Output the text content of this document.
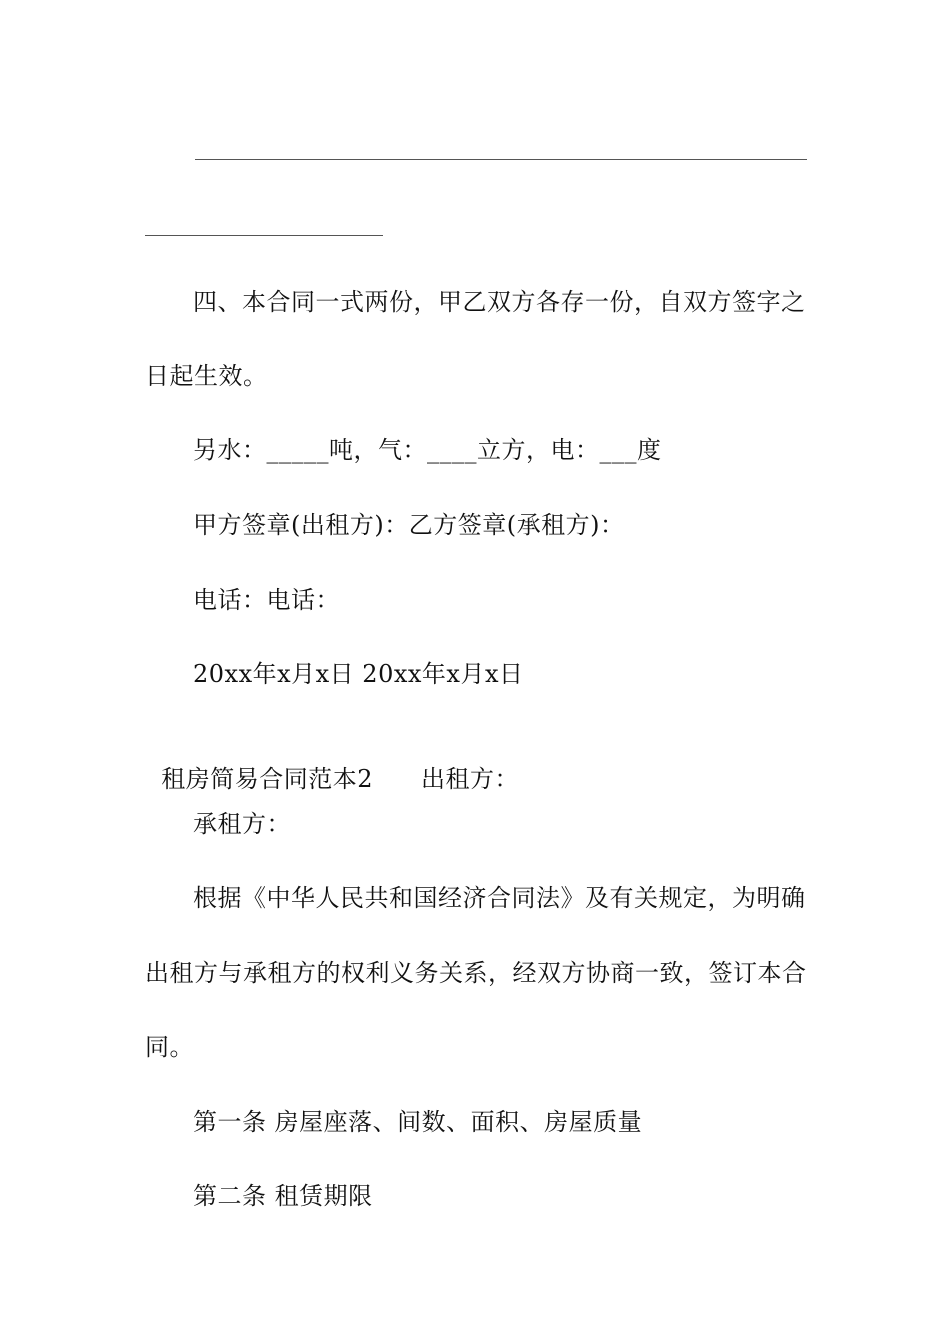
四、本合同一式两份，甲乙双方各存一份，自双方签字之
日起生效。
另水：_____吨，气：____立方，电：___度
甲方签章(出租方)：乙方签章(承租方)：
电话：电话：
20xx年x月x日 20xx年x月x日

租房简易合同范本2 出租方：

承租方：
根据《中华人民共和国经济合同法》及有关规定，为明确
出租方与承租方的权利义务关系，经双方协商一致，签订本合
同。
第一条 房屋座落、间数、面积、房屋质量
第二条 租赁期限
